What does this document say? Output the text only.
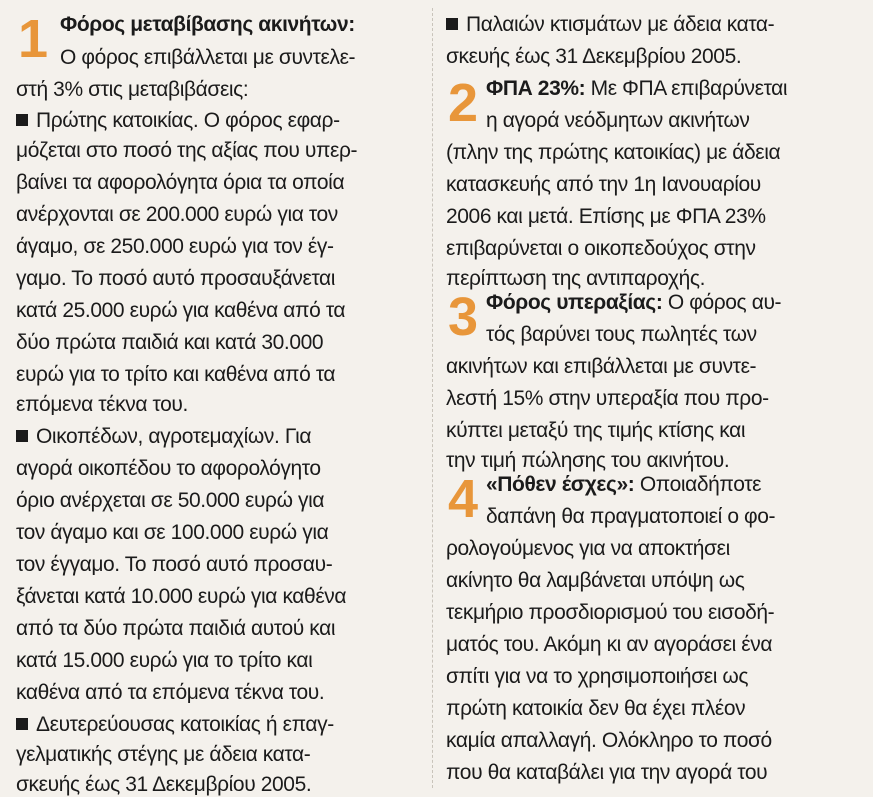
1 Φόρος μεταβίβασης ακινήτων:
Ο φόρος επιβάλλεται με συντελε-
στή 3% στις μεταβιβάσεις:
Πρώτης κατοικίας. Ο φόρος εφαρ-
μόζεται στο ποσό της αξίας που υπερ-
βαίνει τα αφορολόγητα όρια τα οποία
ανέρχονται σε 200.000 ευρώ για τον
άγαμο, σε 250.000 ευρώ για τον έγ-
γαμο. Το ποσό αυτό προσαυξάνεται
κατά 25.000 ευρώ για καθένα από τα
δύο πρώτα παιδιά και κατά 30.000
ευρώ για το τρίτο και καθένα από τα
επόμενα τέκνα του.
Οικοπέδων, αγροτεμαχίων. Για
αγορά οικοπέδου το αφορολόγητο
όριο ανέρχεται σε 50.000 ευρώ για
τον άγαμο και σε 100.000 ευρώ για
τον έγγαμο. Το ποσό αυτό προσαυ-
ξάνεται κατά 10.000 ευρώ για καθένα
από τα δύο πρώτα παιδιά αυτού και
κατά 15.000 ευρώ για το τρίτο και
καθένα από τα επόμενα τέκνα του.
Δευτερεύουσας κατοικίας ή επαγ-
γελματικής στέγης με άδεια κατα-
σκευής έως 31 Δεκεμβρίου 2005.
Παλαιών κτισμάτων με άδεια κατα-
σκευής έως 31 Δεκεμβρίου 2005.
2 ΦΠΑ 23%: Με ΦΠΑ επιβαρύνεται
η αγορά νεόδμητων ακινήτων
(πλην της πρώτης κατοικίας) με άδεια
κατασκευής από την 1η Ιανουαρίου
2006 και μετά. Επίσης με ΦΠΑ 23%
επιβαρύνεται ο οικοπεδούχος στην
περίπτωση της αντιπαροχής.
3 Φόρος υπεραξίας: Ο φόρος αυ-
τός βαρύνει τους πωλητές των
ακινήτων και επιβάλλεται με συντε-
λεστή 15% στην υπεραξία που προ-
κύπτει μεταξύ της τιμής κτίσης και
την τιμή πώλησης του ακινήτου.
4 «Πόθεν έσχες»: Οποιαδήποτε
δαπάνη θα πραγματοποιεί ο φο-
ρολογούμενος για να αποκτήσει
ακίνητο θα λαμβάνεται υπόψη ως
τεκμήριο προσδιορισμού του εισοδή-
ματός του. Ακόμη κι αν αγοράσει ένα
σπίτι για να το χρησιμοποιήσει ως
πρώτη κατοικία δεν θα έχει πλέον
καμία απαλλαγή. Ολόκληρο το ποσό
που θα καταβάλει για την αγορά του
